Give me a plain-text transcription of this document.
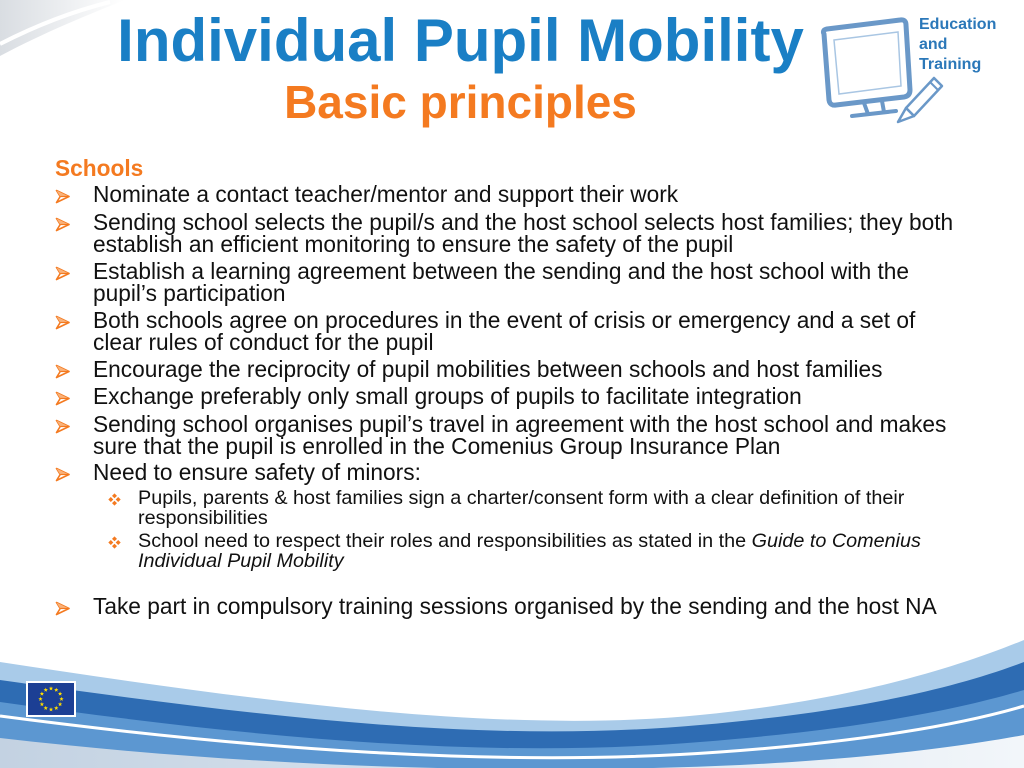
Individual Pupil Mobility
Basic principles
Education
and
Training
Schools
Nominate a contact teacher/mentor and support their work
Sending school selects the pupil/s and the host school selects host families; they both
establish an efficient monitoring to ensure the safety of the pupil
Establish a learning agreement between the sending and the host school with the
pupil’s participation
Both schools agree on procedures in the event of crisis or emergency and a set of
clear rules of conduct for the pupil
Encourage the reciprocity of pupil mobilities between schools and host families
Exchange preferably only small groups of pupils to facilitate integration
Sending school organises pupil’s travel in agreement with the host school and makes
sure that the pupil is enrolled in the Comenius Group Insurance Plan
Need to ensure safety of minors:
Pupils, parents & host families sign a charter/consent form with a clear definition of their
responsibilities
School need to respect their roles and responsibilities as stated in the Guide to Comenius
Individual Pupil Mobility
Take part in compulsory training sessions organised by the sending and the host NA
